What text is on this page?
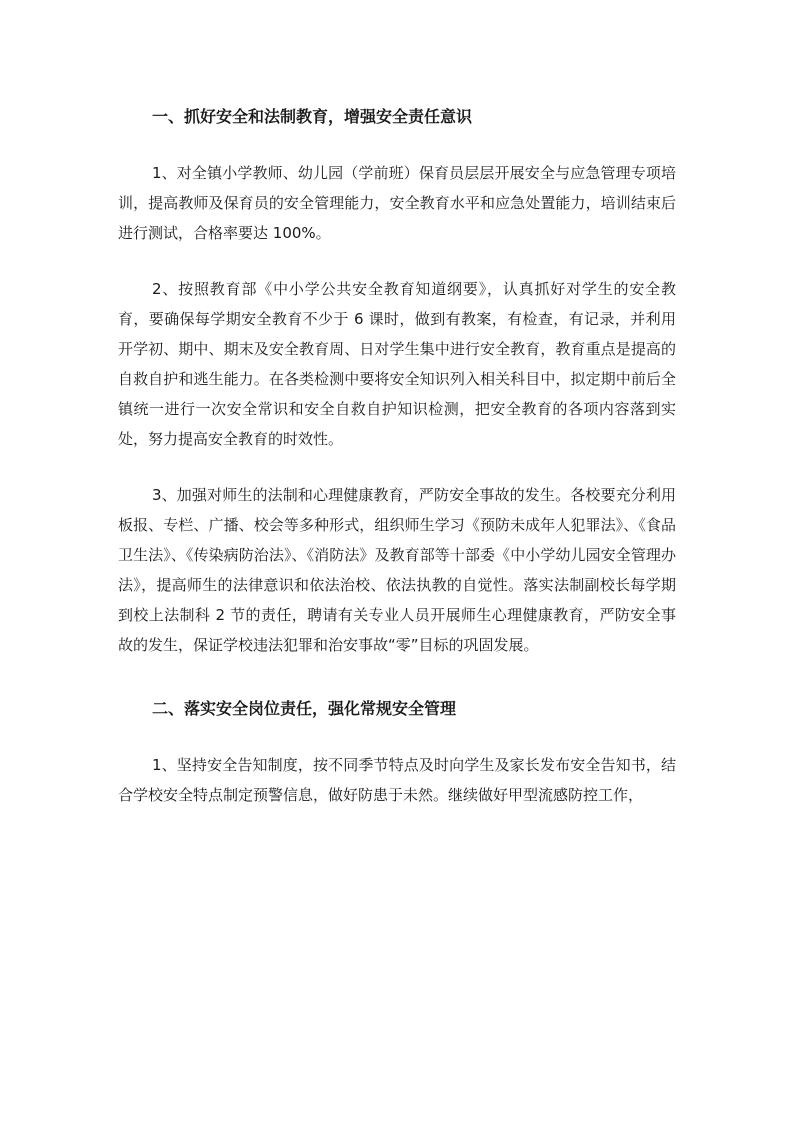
一、抓好安全和法制教育，增强安全责任意识

1、对全镇小学教师、幼儿园（学前班）保育员层层开展安全与应急管理专项培训，提高教师及保育员的安全管理能力，安全教育水平和应急处置能力，培训结束后进行测试，合格率要达 100%。

2、按照教育部《中小学公共安全教育知道纲要》，认真抓好对学生的安全教育，要确保每学期安全教育不少于 6 课时，做到有教案，有检查，有记录，并利用开学初、期中、期末及安全教育周、日对学生集中进行安全教育，教育重点是提高的自救自护和逃生能力。在各类检测中要将安全知识列入相关科目中，拟定期中前后全镇统一进行一次安全常识和安全自救自护知识检测，把安全教育的各项内容落到实处，努力提高安全教育的时效性。

3、加强对师生的法制和心理健康教育，严防安全事故的发生。各校要充分利用板报、专栏、广播、校会等多种形式，组织师生学习《预防未成年人犯罪法》、《食品卫生法》、《传染病防治法》、《消防法》及教育部等十部委《中小学幼儿园安全管理办法》，提高师生的法律意识和依法治校、依法执教的自觉性。落实法制副校长每学期到校上法制科 2 节的责任，聘请有关专业人员开展师生心理健康教育，严防安全事故的发生，保证学校违法犯罪和治安事故“零”目标的巩固发展。

二、落实安全岗位责任，强化常规安全管理

1、坚持安全告知制度，按不同季节特点及时向学生及家长发布安全告知书，结合学校安全特点制定预警信息，做好防患于未然。继续做好甲型流感防控工作，
